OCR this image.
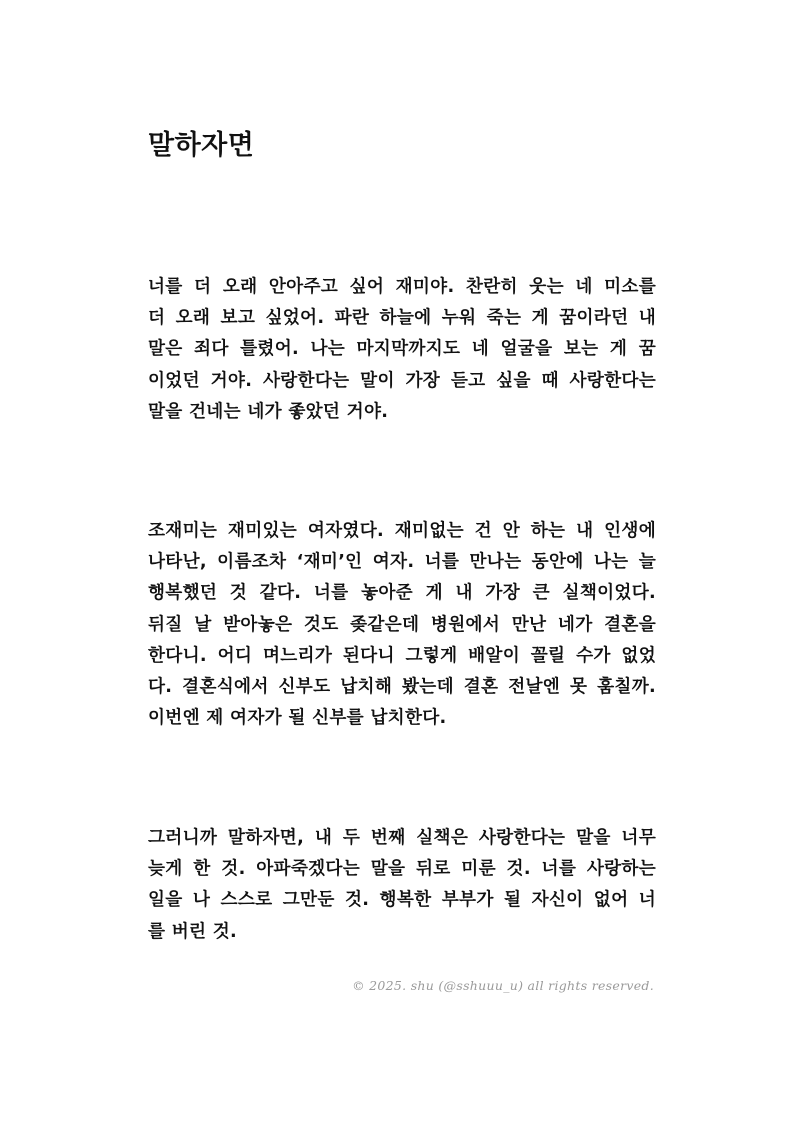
말하자면
너를 더 오래 안아주고 싶어 재미야. 찬란히 웃는 네 미소를
더 오래 보고 싶었어. 파란 하늘에 누워 죽는 게 꿈이라던 내
말은 죄다 틀렸어. 나는 마지막까지도 네 얼굴을 보는 게 꿈
이었던 거야. 사랑한다는 말이 가장 듣고 싶을 때 사랑한다는
말을 건네는 네가 좋았던 거야.
조재미는 재미있는 여자였다. 재미없는 건 안 하는 내 인생에
나타난, 이름조차 ‘재미’인 여자. 너를 만나는 동안에 나는 늘
행복했던 것 같다. 너를 놓아준 게 내 가장 큰 실책이었다.
뒤질 날 받아놓은 것도 좆같은데 병원에서 만난 네가 결혼을
한다니. 어디 며느리가 된다니 그렇게 배알이 꼴릴 수가 없었
다. 결혼식에서 신부도 납치해 봤는데 결혼 전날엔 못 훔칠까.
이번엔 제 여자가 될 신부를 납치한다.
그러니까 말하자면, 내 두 번째 실책은 사랑한다는 말을 너무
늦게 한 것. 아파죽겠다는 말을 뒤로 미룬 것. 너를 사랑하는
일을 나 스스로 그만둔 것. 행복한 부부가 될 자신이 없어 너
를 버린 것.

© 2025. shu (@sshuuu_u) all rights reserved.
